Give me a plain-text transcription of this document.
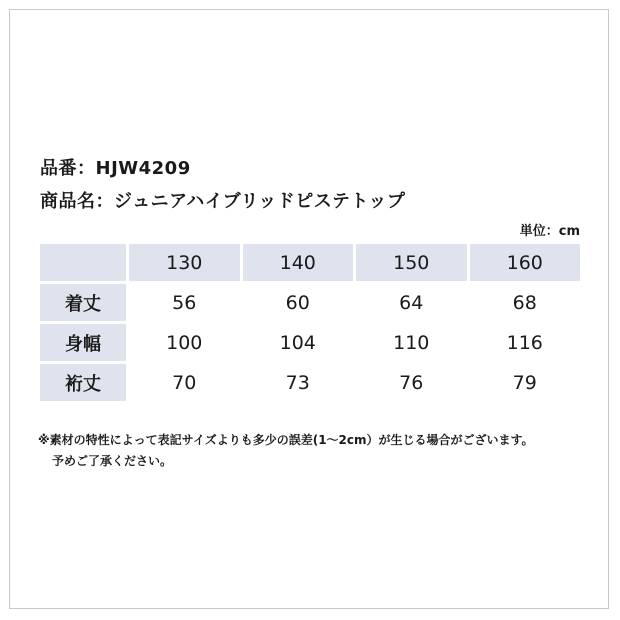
品番：HJW4209
商品名：ジュニアハイブリッドピステトップ
単位：cm
	130	140	150	160
着丈	56	60	64	68
身幅	100	104	110	116
裄丈	70	73	76	79
※素材の特性によって表記サイズよりも多少の誤差(1～2cm）が生じる場合がございます。
予めご了承ください。
